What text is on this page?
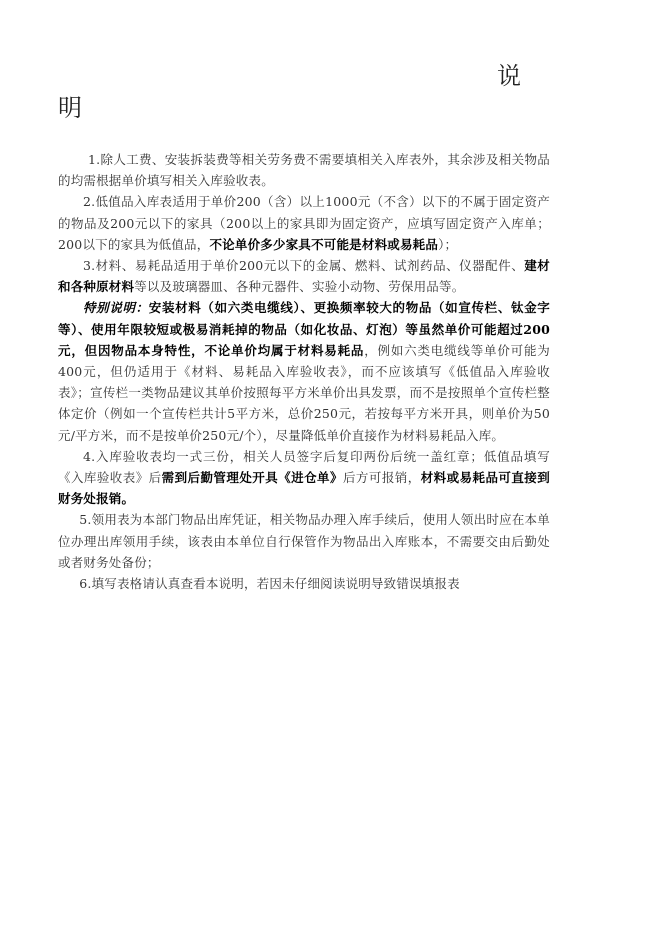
说
明

1.除人工费、安装拆装费等相关劳务费不需要填相关入库表外，其余涉及相关物品的均需根据单价填写相关入库验收表。

2.低值品入库表适用于单价200（含）以上1000元（不含）以下的不属于固定资产的物品及200元以下的家具（200以上的家具即为固定资产，应填写固定资产入库单；200以下的家具为低值品，不论单价多少家具不可能是材料或易耗品）；

3.材料、易耗品适用于单价200元以下的金属、燃料、试剂药品、仪器配件、建材和各种原材料等以及玻璃器皿、各种元器件、实验小动物、劳保用品等。

特别说明：安装材料（如六类电缆线）、更换频率较大的物品（如宣传栏、钛金字等）、使用年限较短或极易消耗掉的物品（如化妆品、灯泡）等虽然单价可能超过200元，但因物品本身特性，不论单价均属于材料易耗品，例如六类电缆线等单价可能为400元，但仍适用于《材料、易耗品入库验收表》，而不应该填写《低值品入库验收表》；宣传栏一类物品建议其单价按照每平方米单价出具发票，而不是按照单个宣传栏整体定价（例如一个宣传栏共计5平方米，总价250元，若按每平方米开具，则单价为50元/平方米，而不是按单价250元/个），尽量降低单价直接作为材料易耗品入库。

4.入库验收表均一式三份，相关人员签字后复印两份后统一盖红章；低值品填写《入库验收表》后需到后勤管理处开具《进仓单》后方可报销，材料或易耗品可直接到财务处报销。

5.领用表为本部门物品出库凭证，相关物品办理入库手续后，使用人领出时应在本单位办理出库领用手续，该表由本单位自行保管作为物品出入库账本，不需要交由后勤处或者财务处备份；

6.填写表格请认真查看本说明，若因未仔细阅读说明导致错误填报表
